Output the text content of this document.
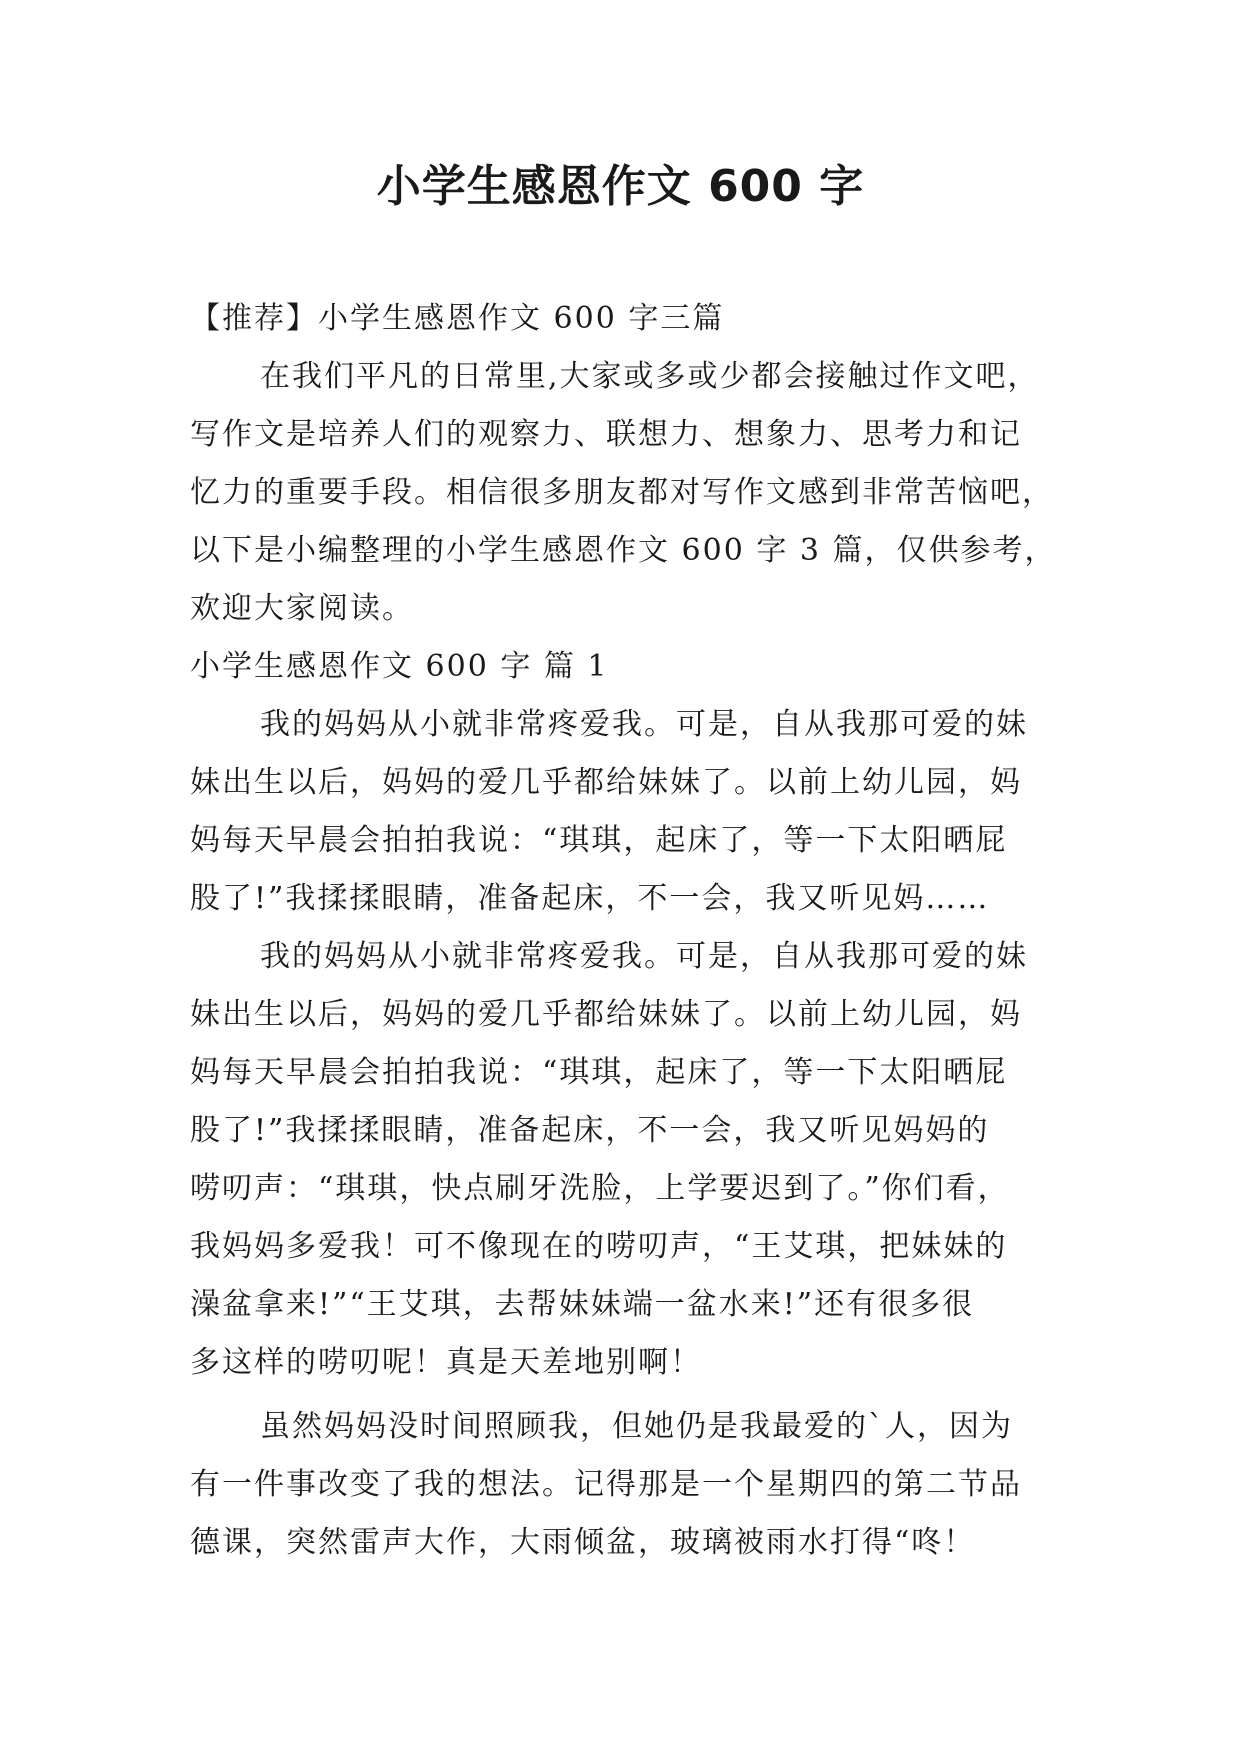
小学生感恩作文 600 字
【推荐】小学生感恩作文 600 字三篇
在我们平凡的日常里,大家或多或少都会接触过作文吧，
写作文是培养人们的观察力、联想力、想象力、思考力和记
忆力的重要手段。相信很多朋友都对写作文感到非常苦恼吧，
以下是小编整理的小学生感恩作文 600 字 3 篇，仅供参考，
欢迎大家阅读。
小学生感恩作文 600 字 篇 1
我的妈妈从小就非常疼爱我。可是，自从我那可爱的妹
妹出生以后，妈妈的爱几乎都给妹妹了。以前上幼儿园，妈
妈每天早晨会拍拍我说：“琪琪，起床了，等一下太阳晒屁
股了!”我揉揉眼睛，准备起床，不一会，我又听见妈……
我的妈妈从小就非常疼爱我。可是，自从我那可爱的妹
妹出生以后，妈妈的爱几乎都给妹妹了。以前上幼儿园，妈
妈每天早晨会拍拍我说：“琪琪，起床了，等一下太阳晒屁
股了!”我揉揉眼睛，准备起床，不一会，我又听见妈妈的
唠叨声：“琪琪，快点刷牙洗脸，上学要迟到了。”你们看，
我妈妈多爱我！可不像现在的唠叨声，“王艾琪，把妹妹的
澡盆拿来!”“王艾琪，去帮妹妹端一盆水来!”还有很多很
多这样的唠叨呢！真是天差地别啊！
虽然妈妈没时间照顾我，但她仍是我最爱的`人，因为
有一件事改变了我的想法。记得那是一个星期四的第二节品
德课，突然雷声大作，大雨倾盆，玻璃被雨水打得“咚！
